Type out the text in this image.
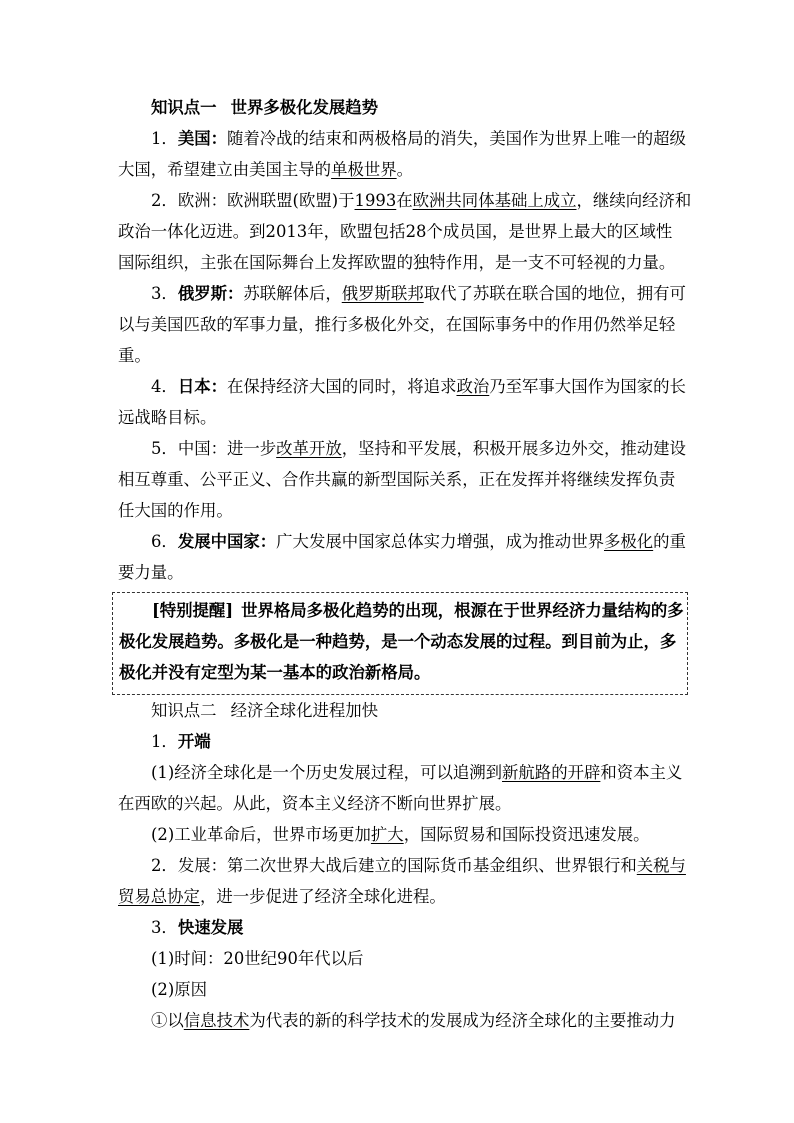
知识点一 世界多极化发展趋势
1．美国：随着冷战的结束和两极格局的消失，美国作为世界上唯一的超级
大国，希望建立由美国主导的单极世界。
2．欧洲：欧洲联盟(欧盟)于1993在欧洲共同体基础上成立，继续向经济和
政治一体化迈进。到2013年，欧盟包括28个成员国，是世界上最大的区域性
国际组织，主张在国际舞台上发挥欧盟的独特作用，是一支不可轻视的力量。
3．俄罗斯：苏联解体后，俄罗斯联邦取代了苏联在联合国的地位，拥有可
以与美国匹敌的军事力量，推行多极化外交，在国际事务中的作用仍然举足轻
重。
4．日本：在保持经济大国的同时，将追求政治乃至军事大国作为国家的长
远战略目标。
5．中国：进一步改革开放，坚持和平发展，积极开展多边外交，推动建设
相互尊重、公平正义、合作共赢的新型国际关系，正在发挥并将继续发挥负责
任大国的作用。
6．发展中国家：广大发展中国家总体实力增强，成为推动世界多极化的重
要力量。
[特别提醒] 世界格局多极化趋势的出现，根源在于世界经济力量结构的多
极化发展趋势。多极化是一种趋势，是一个动态发展的过程。到目前为止，多
极化并没有定型为某一基本的政治新格局。
知识点二 经济全球化进程加快
1．开端
(1)经济全球化是一个历史发展过程，可以追溯到新航路的开辟和资本主义
在西欧的兴起。从此，资本主义经济不断向世界扩展。
(2)工业革命后，世界市场更加扩大，国际贸易和国际投资迅速发展。
2．发展：第二次世界大战后建立的国际货币基金组织、世界银行和关税与
贸易总协定，进一步促进了经济全球化进程。
3．快速发展
(1)时间：20世纪90年代以后
(2)原因
①以信息技术为代表的新的科学技术的发展成为经济全球化的主要推动力
